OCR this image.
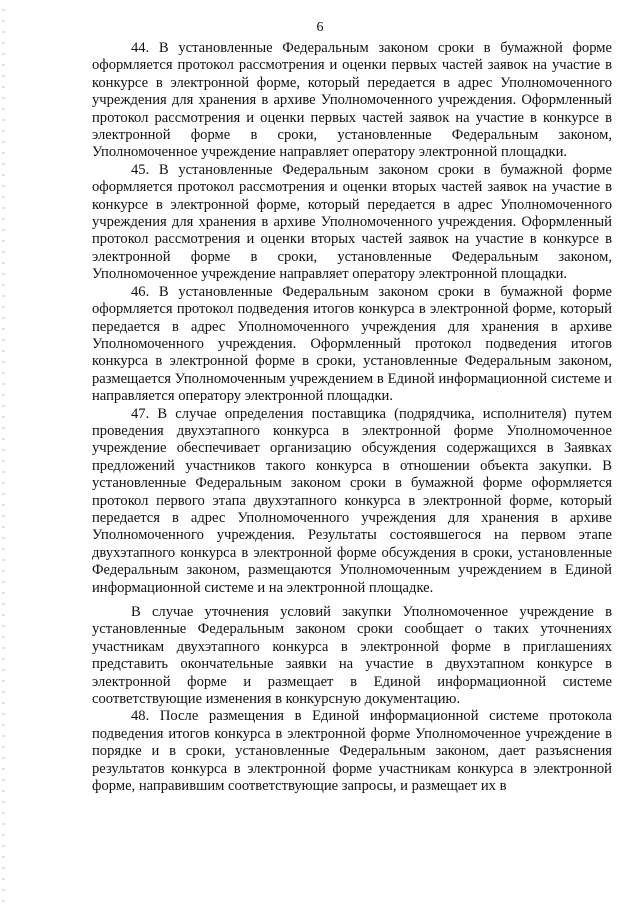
6

44. В установленные Федеральным законом сроки в бумажной форме оформляется протокол рассмотрения и оценки первых частей заявок на участие в конкурсе в электронной форме, который передается в адрес Уполномоченного учреждения для хранения в архиве Уполномоченного учреждения. Оформленный протокол рассмотрения и оценки первых частей заявок на участие в конкурсе в электронной форме в сроки, установленные Федеральным законом, Уполномоченное учреждение направляет оператору электронной площадки.

45. В установленные Федеральным законом сроки в бумажной форме оформляется протокол рассмотрения и оценки вторых частей заявок на участие в конкурсе в электронной форме, который передается в адрес Уполномоченного учреждения для хранения в архиве Уполномоченного учреждения. Оформленный протокол рассмотрения и оценки вторых частей заявок на участие в конкурсе в электронной форме в сроки, установленные Федеральным законом, Уполномоченное учреждение направляет оператору электронной площадки.

46. В установленные Федеральным законом сроки в бумажной форме оформляется протокол подведения итогов конкурса в электронной форме, который передается в адрес Уполномоченного учреждения для хранения в архиве Уполномоченного учреждения. Оформленный протокол подведения итогов конкурса в электронной форме в сроки, установленные Федеральным законом, размещается Уполномоченным учреждением в Единой информационной системе и направляется оператору электронной площадки.

47. В случае определения поставщика (подрядчика, исполнителя) путем проведения двухэтапного конкурса в электронной форме Уполномоченное учреждение обеспечивает организацию обсуждения содержащихся в Заявках предложений участников такого конкурса в отношении объекта закупки. В установленные Федеральным законом сроки в бумажной форме оформляется протокол первого этапа двухэтапного конкурса в электронной форме, который передается в адрес Уполномоченного учреждения для хранения в архиве Уполномоченного учреждения. Результаты состоявшегося на первом этапе двухэтапного конкурса в электронной форме обсуждения в сроки, установленные Федеральным законом, размещаются Уполномоченным учреждением в Единой информационной системе и на электронной площадке.

В случае уточнения условий закупки Уполномоченное учреждение в установленные Федеральным законом сроки сообщает о таких уточнениях участникам двухэтапного конкурса в электронной форме в приглашениях представить окончательные заявки на участие в двухэтапном конкурсе в электронной форме и размещает в Единой информационной системе соответствующие изменения в конкурсную документацию.

48. После размещения в Единой информационной системе протокола подведения итогов конкурса в электронной форме Уполномоченное учреждение в порядке и в сроки, установленные Федеральным законом, дает разъяснения результатов конкурса в электронной форме участникам конкурса в электронной форме, направившим соответствующие запросы, и размещает их в
